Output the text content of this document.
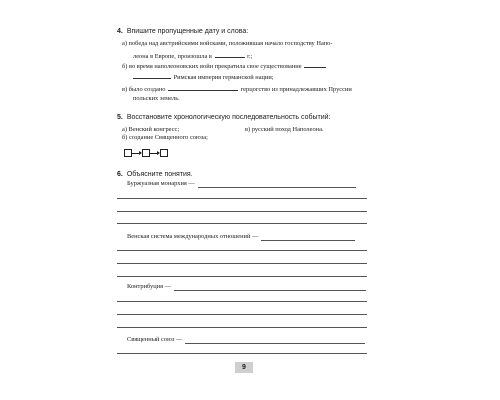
4. Впишите пропущенные дату и слова:
а) победа над австрийскими войсками, положившая начало господству Напо-
леона в Европе, произошла в	г.;
б) во время наполеоновских войн прекратила свое существование
Римская империя германской нации;
в) было создано	герцогство из принадлежавших Пруссии
польских земель.
5. Восстановите хронологическую последовательность событий:
а) Венский конгресс;
б) создание Священного союза;
в) русский поход Наполеона.
6. Объясните понятия.
Буржуазная монархия —
Венская система международных отношений —
Контрибуция —
Священный союз —
9
